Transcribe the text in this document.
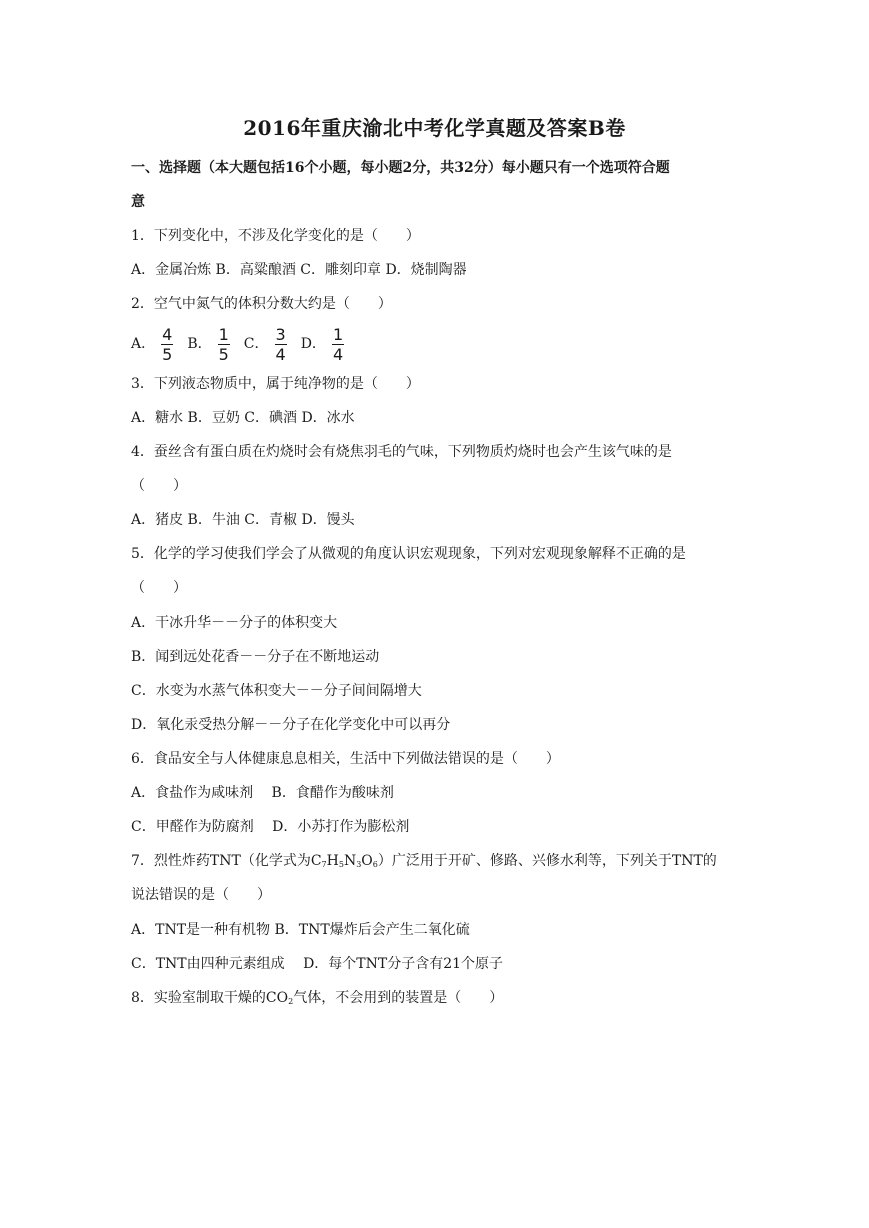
2016年重庆渝北中考化学真题及答案B卷
一、选择题（本大题包括16个小题，每小题2分，共32分）每小题只有一个选项符合题
意
1．下列变化中，不涉及化学变化的是（　　）
A．金属冶炼 B．高粱酿酒 C．雕刻印章 D．烧制陶器
2．空气中氮气的体积分数大约是（　　）
A． $\frac{4}{5}$ B． $\frac{1}{5}$ C． $\frac{3}{4}$ D． $\frac{1}{4}$
3．下列液态物质中，属于纯净物的是（　　）
A．糖水 B．豆奶 C．碘酒 D．冰水
4．蚕丝含有蛋白质在灼烧时会有烧焦羽毛的气味，下列物质灼烧时也会产生该气味的是
（　　）
A．猪皮 B．牛油 C．青椒 D．馒头
5．化学的学习使我们学会了从微观的角度认识宏观现象，下列对宏观现象解释不正确的是
（　　）
A．干冰升华－－分子的体积变大
B．闻到远处花香－－分子在不断地运动
C．水变为水蒸气体积变大－－分子间间隔增大
D．氧化汞受热分解－－分子在化学变化中可以再分
6．食品安全与人体健康息息相关，生活中下列做法错误的是（　　）
A．食盐作为咸味剂　 B．食醋作为酸味剂
C．甲醛作为防腐剂　 D．小苏打作为膨松剂
7．烈性炸药TNT（化学式为$C_7H_5N_3O_6$）广泛用于开矿、修路、兴修水利等，下列关于TNT的
说法错误的是（　　）
A．TNT是一种有机物 B．TNT爆炸后会产生二氧化硫
C．TNT由四种元素组成　 D．每个TNT分子含有21个原子
8．实验室制取干燥的$CO_2$气体，不会用到的装置是（　　）
